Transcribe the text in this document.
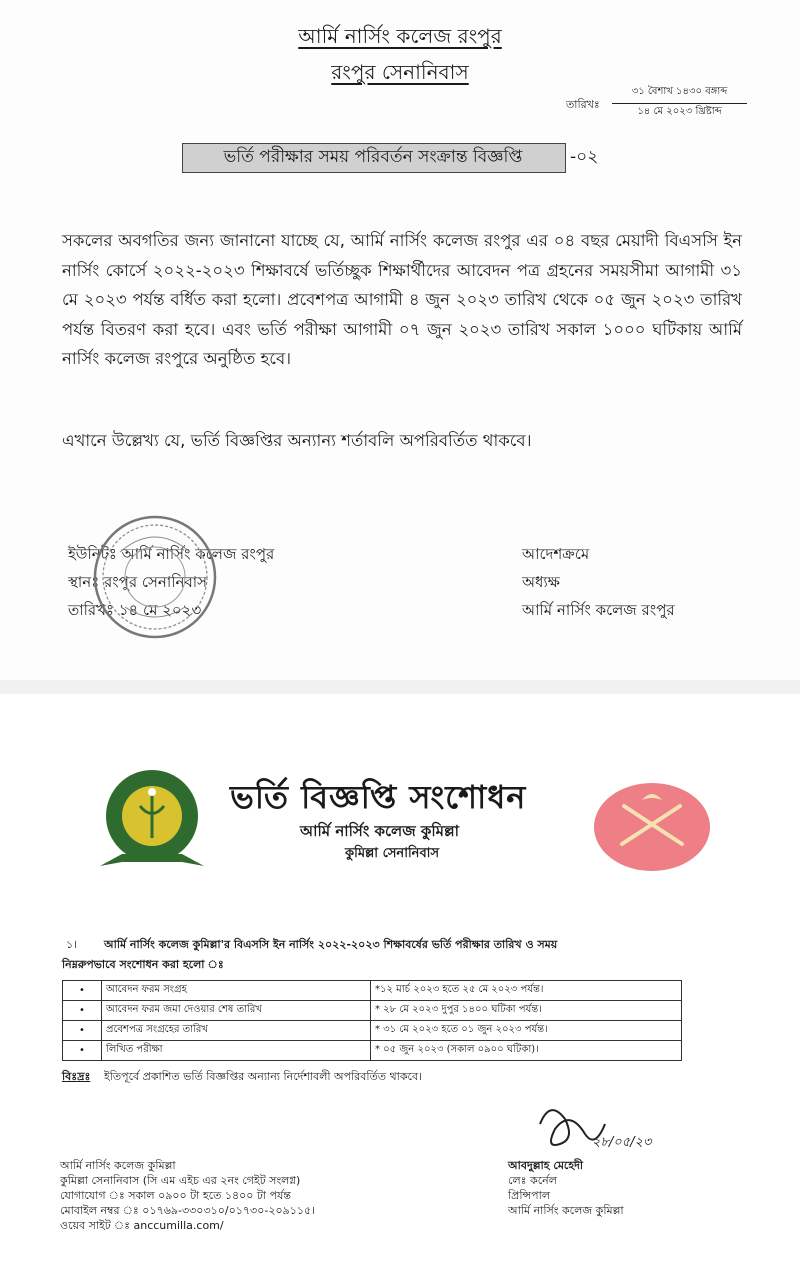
আর্মি নার্সিং কলেজ রংপুর
রংপুর সেনানিবাস
তারিখঃ
৩১ বৈশাখ ১৪৩০ বঙ্গাব্দ
১৪ মে ২০২৩ খ্রিষ্টাব্দ
ভর্তি পরীক্ষার সময় পরিবর্তন সংক্রান্ত বিজ্ঞপ্তি	-০২
সকলের অবগতির জন্য জানানো যাচ্ছে যে, আর্মি নার্সিং কলেজ রংপুর এর ০৪ বছর মেয়াদী বিএসসি ইন নার্সিং কোর্সে ২০২২-২০২৩ শিক্ষাবর্ষে ভর্তিচ্ছুক শিক্ষার্থীদের আবেদন পত্র গ্রহনের সময়সীমা আগামী ৩১ মে ২০২৩ পর্যন্ত বর্ধিত করা হলো। প্রবেশপত্র আগামী ৪ জুন ২০২৩ তারিখ থেকে ০৫ জুন ২০২৩ তারিখ পর্যন্ত বিতরণ করা হবে। এবং ভর্তি পরীক্ষা আগামী ০৭ জুন ২০২৩ তারিখ সকাল ১০০০ ঘটিকায় আর্মি নার্সিং কলেজ রংপুরে অনুষ্ঠিত হবে।
এখানে উল্লেখ্য যে, ভর্তি বিজ্ঞপ্তির অন্যান্য শর্তাবলি অপরিবর্তিত থাকবে।
ইউনিটঃ আর্মি নার্সিং কলেজ রংপুর
স্থানঃ রংপুর সেনানিবাস
তারিখঃ ১৪ মে ২০২৩
আদেশক্রমে
অধ্যক্ষ
আর্মি নার্সিং কলেজ রংপুর
বিদ্যা সেবা বিনয়
ভর্তি বিজ্ঞপ্তি সংশোধন
আর্মি নার্সিং কলেজ কুমিল্লা
কুমিল্লা সেনানিবাস
১। আর্মি নার্সিং কলেজ কুমিল্লা'র বিএসসি ইন নার্সিং ২০২২-২০২৩ শিক্ষাবর্ষের ভর্তি পরীক্ষার তারিখ ও সময়
নিম্নরুপভাবে সংশোধন করা হলো ঃ
•	আবেদন ফরম সংগ্রহ	*১২ মার্চ ২০২৩ হতে ২৫ মে ২০২৩ পর্যন্ত।
•	আবেদন ফরম জমা দেওয়ার শেষ তারিখ	* ২৮ মে ২০২৩ দুপুর ১৪০০ ঘটিকা পর্যন্ত।
•	প্রবেশপত্র সংগ্রহের তারিখ	* ৩১ মে ২০২৩ হতে ০১ জুন ২০২৩ পর্যন্ত।
•	লিখিত পরীক্ষা	* ০৫ জুন ২০২৩ (সকাল ০৯০০ ঘটিকা)।
বিঃদ্রঃ ইতিপূর্বে প্রকাশিত ভর্তি বিজ্ঞপ্তির অন্যান্য নির্দেশাবলী অপরিবর্তিত থাকবে।
২৮/০৫/২৩
আর্মি নার্সিং কলেজ কুমিল্লা
কুমিল্লা সেনানিবাস (সি এম এইচ এর ২নং গেইট সংলগ্ন)
যোগাযোগ ঃ সকাল ০৯০০ টা হতে ১৪০০ টা পর্যন্ত
মোবাইল নম্বর ঃ ০১৭৬৯-৩৩০৩১০/০১৭৩০-২০৯১১৫।
ওয়েব সাইট ঃ ancсumilla.com/
আবদুল্লাহ মেহেদী
লেঃ কর্নেল
প্রিন্সিপাল
আর্মি নার্সিং কলেজ কুমিল্লা
